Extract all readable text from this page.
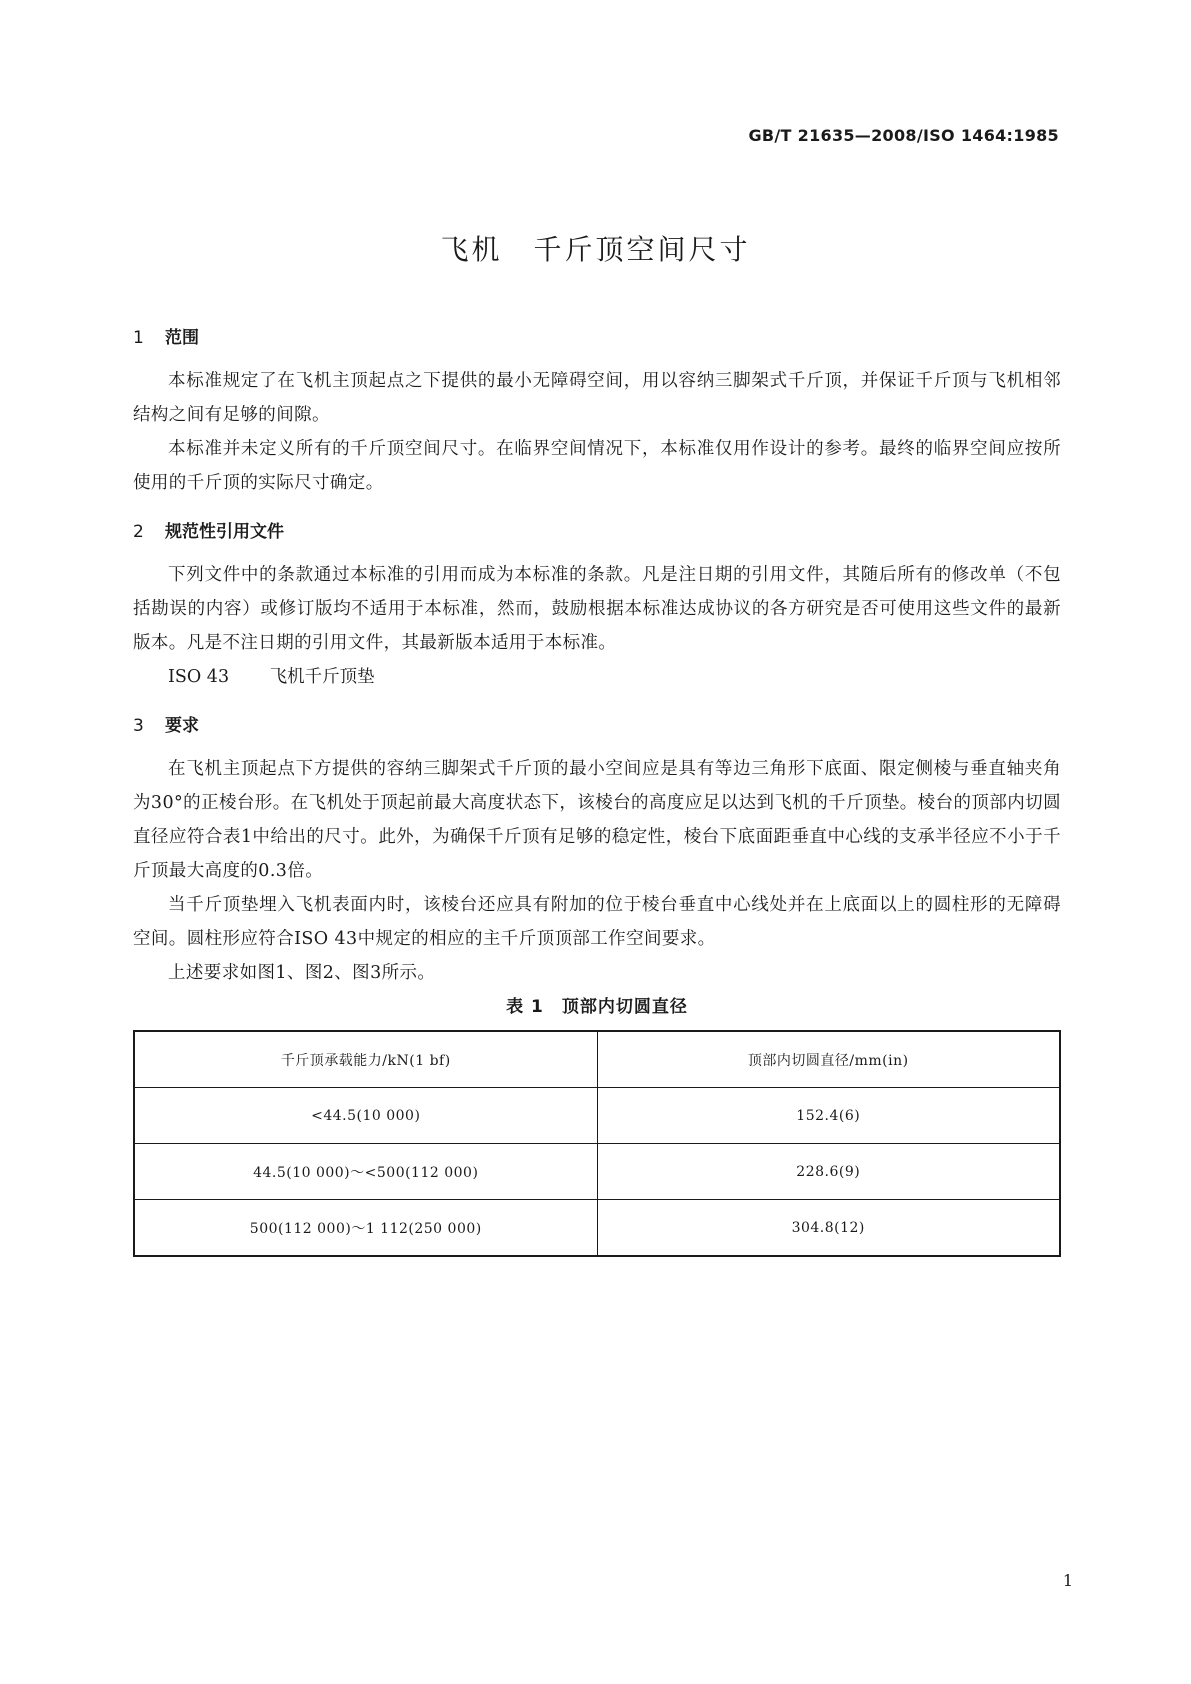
GB/T 21635—2008/ISO 1464:1985
飞机　千斤顶空间尺寸
1	范围

本标准规定了在飞机主顶起点之下提供的最小无障碍空间，用以容纳三脚架式千斤顶，并保证千斤顶与飞机相邻结构之间有足够的间隙。

本标准并未定义所有的千斤顶空间尺寸。在临界空间情况下，本标准仅用作设计的参考。最终的临界空间应按所使用的千斤顶的实际尺寸确定。

2	规范性引用文件

下列文件中的条款通过本标准的引用而成为本标准的条款。凡是注日期的引用文件，其随后所有的修改单（不包括勘误的内容）或修订版均不适用于本标准，然而，鼓励根据本标准达成协议的各方研究是否可使用这些文件的最新版本。凡是不注日期的引用文件，其最新版本适用于本标准。

ISO 43 飞机千斤顶垫
3	要求

在飞机主顶起点下方提供的容纳三脚架式千斤顶的最小空间应是具有等边三角形下底面、限定侧棱与垂直轴夹角为30°的正棱台形。在飞机处于顶起前最大高度状态下，该棱台的高度应足以达到飞机的千斤顶垫。棱台的顶部内切圆直径应符合表1中给出的尺寸。此外，为确保千斤顶有足够的稳定性，棱台下底面距垂直中心线的支承半径应不小于千斤顶最大高度的0.3倍。

当千斤顶垫埋入飞机表面内时，该棱台还应具有附加的位于棱台垂直中心线处并在上底面以上的圆柱形的无障碍空间。圆柱形应符合ISO 43中规定的相应的主千斤顶顶部工作空间要求。

上述要求如图1、图2、图3所示。

表 1　顶部内切圆直径
千斤顶承载能力/kN(1 bf)	顶部内切圆直径/mm(in)
<44.5(10 000)	152.4(6)
44.5(10 000)～<500(112 000)	228.6(9)
500(112 000)～1 112(250 000)	304.8(12)
1
